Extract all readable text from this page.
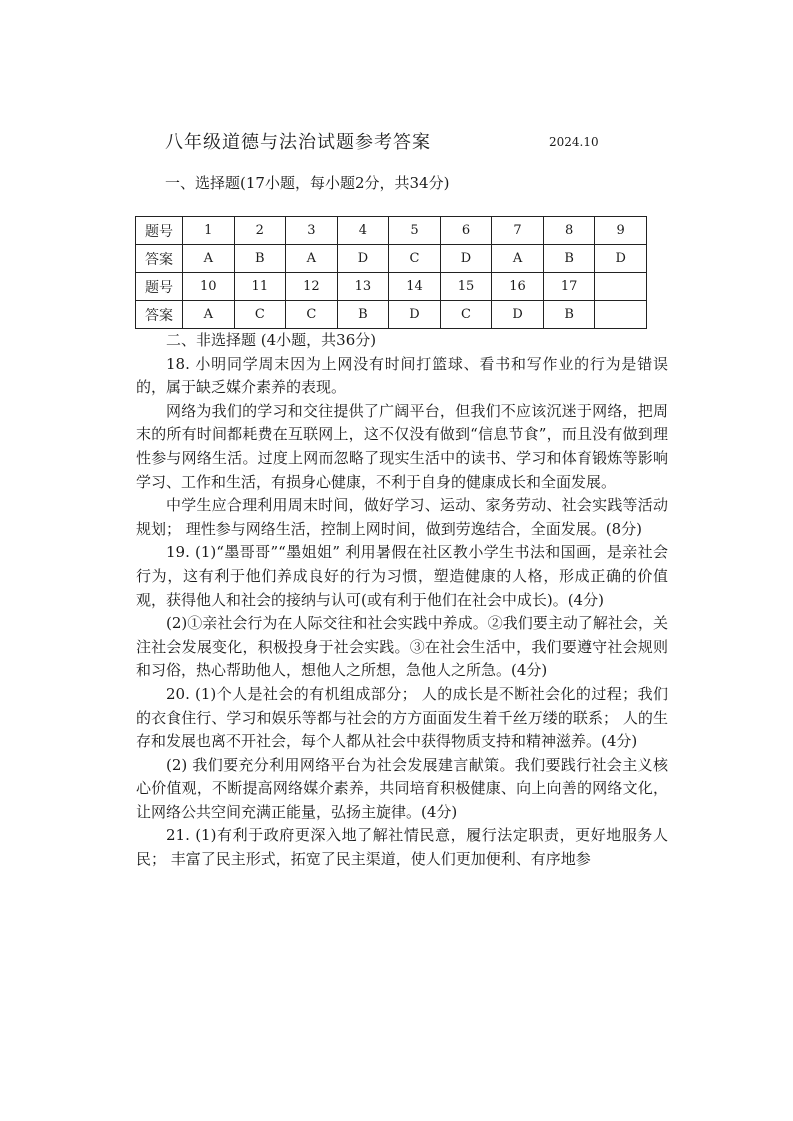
八年级道德与法治试题参考答案	2024.10
一、选择题(17小题，每小题2分，共34分)
题号	1	2	3	4	5	6	7	8	9
答案	A	B	A	D	C	D	A	B	D
题号	10	11	12	13	14	15	16	17	
答案	A	C	C	B	D	C	D	B	

二、非选择题 (4小题，共36分)

18. 小明同学周末因为上网没有时间打篮球、看书和写作业的行为是错误的，属于缺乏媒介素养的表现。

网络为我们的学习和交往提供了广阔平台，但我们不应该沉迷于网络，把周末的所有时间都耗费在互联网上，这不仅没有做到“信息节食”，而且没有做到理性参与网络生活。过度上网而忽略了现实生活中的读书、学习和体育锻炼等影响学习、工作和生活，有损身心健康，不利于自身的健康成长和全面发展。

中学生应合理利用周末时间，做好学习、运动、家务劳动、社会实践等活动规划； 理性参与网络生活，控制上网时间，做到劳逸结合，全面发展。(8分)

19. (1)“墨哥哥”“墨姐姐” 利用暑假在社区教小学生书法和国画，是亲社会行为，这有利于他们养成良好的行为习惯，塑造健康的人格，形成正确的价值观，获得他人和社会的接纳与认可(或有利于他们在社会中成长)。(4分)

(2)①亲社会行为在人际交往和社会实践中养成。②我们要主动了解社会，关注社会发展变化，积极投身于社会实践。③在社会生活中，我们要遵守社会规则和习俗，热心帮助他人，想他人之所想，急他人之所急。(4分)

20. (1)个人是社会的有机组成部分； 人的成长是不断社会化的过程；我们的衣食住行、学习和娱乐等都与社会的方方面面发生着千丝万缕的联系； 人的生存和发展也离不开社会，每个人都从社会中获得物质支持和精神滋养。(4分)

(2) 我们要充分利用网络平台为社会发展建言献策。我们要践行社会主义核心价值观，不断提高网络媒介素养，共同培育积极健康、向上向善的网络文化，让网络公共空间充满正能量，弘扬主旋律。(4分)

21. (1)有利于政府更深入地了解社情民意，履行法定职责，更好地服务人民； 丰富了民主形式，拓宽了民主渠道，使人们更加便利、有序地参
